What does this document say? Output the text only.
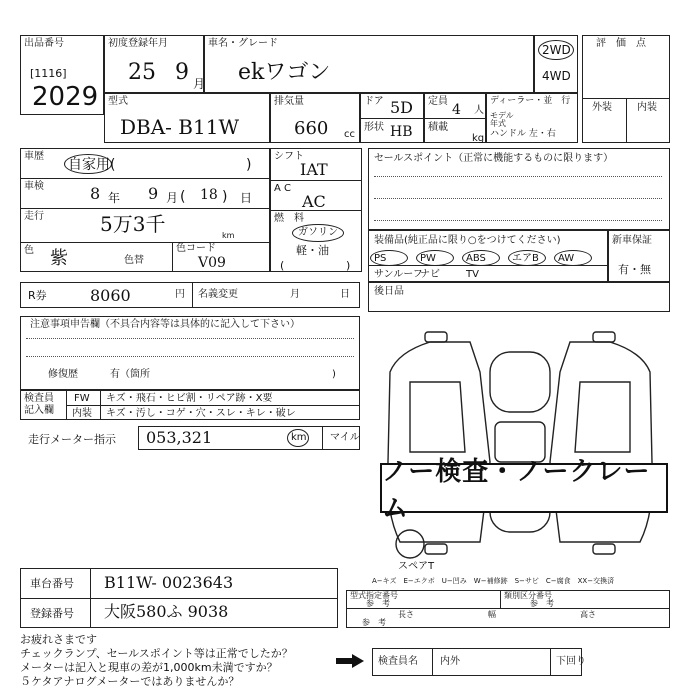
出品番号
[1116]
2029
初度登録年月
25 9 月
車名・グレード
ekワゴン
2WD
4WD
評　価　点
外装	内装
型式
DBA- B11W
排気量
660 cc
ドア 5D
形状 HB
定員
4 人
積載
kg
ディーラー・並　行
モデル年式
ハンドル 左・右
車歴
自家用(	)
車検	8 年 9 月 ( 18 ) 日
走行	5万3千	km
色 紫	色替
色コード
V09
シフト
IAT
A C
AC
燃　料
ガソリン
軽・油
(	)
セールスポイント（正常に機能するものに限ります）
装備品(純正品に限り○をつけてください)
PS	PW	ABS	エアB AW
サンルーフ
ナビ	TV
新車保証
有・無
R券	8060	円 名義変更	月	日 後日品
注意事項申告欄（不具合内容等は具体的に記入して下さい）
修復歴	有（箇所	)
検査員記入欄
FW キズ・飛石・ヒビ割・リペア跡・X要
内装 キズ・汚し・コゲ・穴・スレ・キレ・破レ
走行メーター指示 053,321	km マイル
スペアT
A−キズ　E−エクボ　U−凹み　W−補修跡　S−サビ　C−腐食　XX−交換済
ノー検査・ノークレーム
車台番号 B11W- 0023643
登録番号 大阪580ふ 9038
型式指定番号
参　考
類別区分番号
参　考
長さ	幅	高さ
参　考
お疲れさまです
チェックランプ、セールスポイント等は正常でしたか？
メーターは記入と現車の差が1,000km未満ですか？
５ケタアナログメーターではありませんか？
検査員名 内外	下回り
